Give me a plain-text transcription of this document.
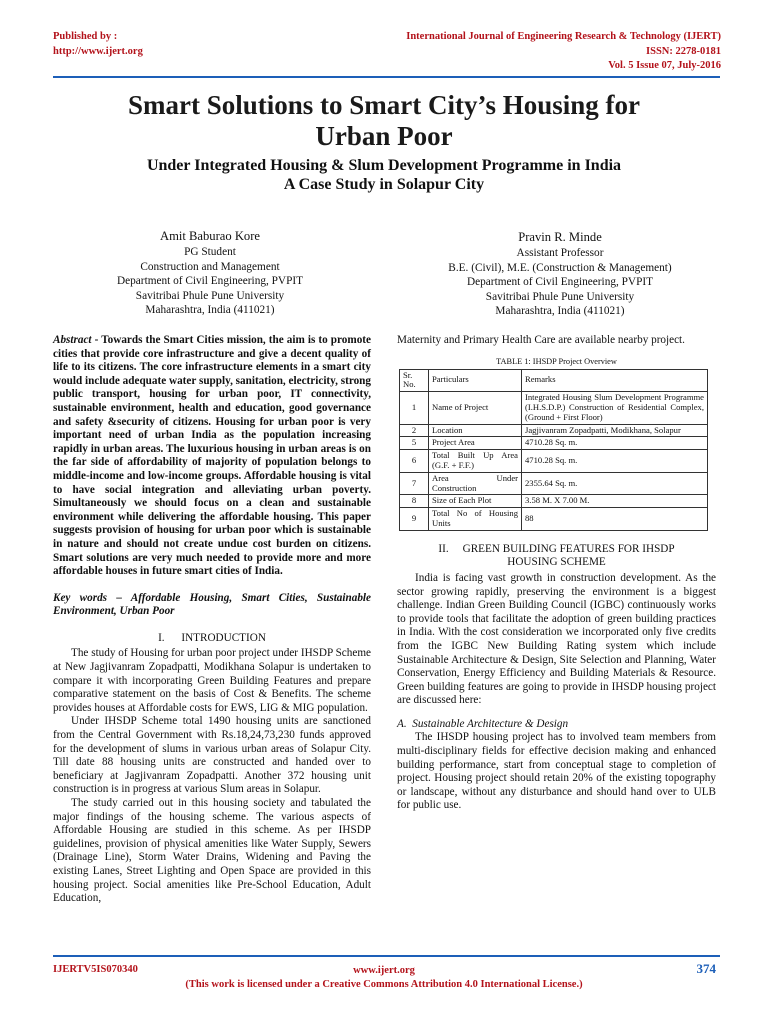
Published by :
http://www.ijert.org
International Journal of Engineering Research & Technology (IJERT)
ISSN: 2278-0181
Vol. 5 Issue 07, July-2016
Smart Solutions to Smart City’s Housing for
Urban Poor
Under Integrated Housing & Slum Development Programme in India
A Case Study in Solapur City
Amit Baburao Kore
PG Student
Construction and Management
Department of Civil Engineering, PVPIT
Savitribai Phule Pune University
Maharashtra, India (411021)
Pravin R. Minde
Assistant Professor
B.E. (Civil), M.E. (Construction & Management)
Department of Civil Engineering, PVPIT
Savitribai Phule Pune University
Maharashtra, India (411021)
Abstract - Towards the Smart Cities mission, the aim is to promote cities that provide core infrastructure and give a decent quality of life to its citizens. The core infrastructure elements in a smart city would include adequate water supply, sanitation, electricity, strong public transport, housing for urban poor, IT connectivity, sustainable environment, health and education, good governance and safety &security of citizens. Housing for urban poor is very important need of urban India as the population increasing rapidly in urban areas. The luxurious housing in urban areas is on the far side of affordability of majority of population belongs to middle-income and low-income groups. Affordable housing is vital to have social integration and alleviating urban poverty. Simultaneously we should focus on a clean and sustainable environment while delivering the affordable housing. This paper suggests provision of housing for urban poor which is sustainable in nature and should not create undue cost burden on citizens. Smart solutions are very much needed to provide more and more affordable houses in future smart cities of India.
Key words – Affordable Housing, Smart Cities, Sustainable Environment, Urban Poor
I.      INTRODUCTION

The study of Housing for urban poor project under IHSDP Scheme at New Jagjivanram Zopadpatti, Modikhana Solapur is undertaken to compare it with incorporating Green Building Features and prepare comparative statement on the basis of Cost & Benefits. The scheme provides houses at Affordable costs for EWS, LIG & MIG population.

Under IHSDP Scheme total 1490 housing units are sanctioned from the Central Government with Rs.18,24,73,230 funds approved for the development of slums in various urban areas of Solapur City. Till date 88 housing units are constructed and handed over to beneficiary at Jagjivanram Zopadpatti. Another 372 housing unit construction is in progress at various Slum areas in Solapur.

The study carried out in this housing society and tabulated the major findings of the housing scheme. The various aspects of Affordable Housing are studied in this scheme. As per IHSDP guidelines, provision of physical amenities like Water Supply, Sewers (Drainage Line), Storm Water Drains, Widening and Paving the existing Lanes, Street Lighting and Open Space are provided in this housing project. Social amenities like Pre-School Education, Adult Education,

Maternity and Primary Health Care are available nearby project.
TABLE 1: IHSDP Project Overview
Sr. No.	Particulars	Remarks
1	Name of Project	Integrated Housing Slum Development Programme (I.H.S.D.P.) Construction of Residential Complex, (Ground + First Floor)
2	Location	Jagjivanram Zopadpatti, Modikhana, Solapur
5	Project Area	4710.28 Sq. m.
6	Total Built Up Area (G.F. + F.F.)	4710.28 Sq. m.
7	Area Under Construction	2355.64 Sq. m.
8	Size of Each Plot	3.58 M. X 7.00 M.
9	Total No of Housing Units	88
II.     GREEN BUILDING FEATURES FOR IHSDP
HOUSING SCHEME

India is facing vast growth in construction development. As the sector growing rapidly, preserving the environment is a biggest challenge. Indian Green Building Council (IGBC) continuously works to provide tools that facilitate the adoption of green building practices in India. With the cost consideration we incorporated only five credits from the IGBC New Building Rating system which include Sustainable Architecture & Design, Site Selection and Planning, Water Conservation, Energy Efficiency and Building Materials & Resource. Green building features are going to provide in IHSDP housing project are discussed here:

A.  Sustainable Architecture & Design

The IHSDP housing project has to involved team members from multi-disciplinary fields for effective decision making and enhanced building performance, start from conceptual stage to completion of project. Housing project should retain 20% of the existing topography or landscape, without any disturbance and should hand over to ULB for public use.

IJERTV5IS070340	www.ijert.org
(This work is licensed under a Creative Commons Attribution 4.0 International License.)
374
